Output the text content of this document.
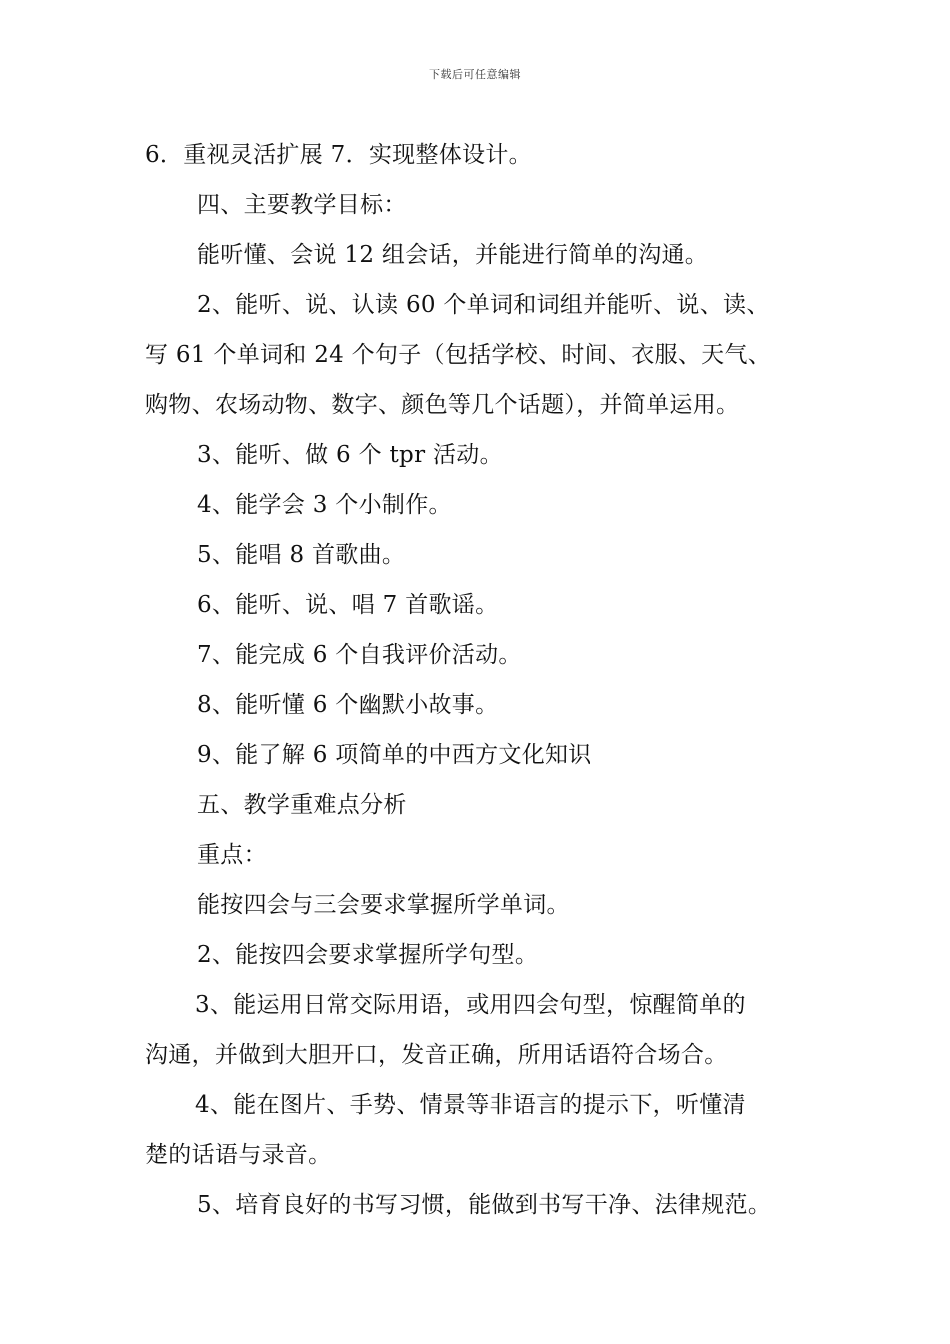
下载后可任意编辑
6．重视灵活扩展 7．实现整体设计。
四、主要教学目标：
能听懂、会说 12 组会话，并能进行简单的沟通。
2、能听、说、认读 60 个单词和词组并能听、说、读、
写 61 个单词和 24 个句子（包括学校、时间、衣服、天气、
购物、农场动物、数字、颜色等几个话题），并简单运用。
3、能听、做 6 个 tpr 活动。
4、能学会 3 个小制作。
5、能唱 8 首歌曲。
6、能听、说、唱 7 首歌谣。
7、能完成 6 个自我评价活动。
8、能听懂 6 个幽默小故事。
9、能了解 6 项简单的中西方文化知识
五、教学重难点分析
重点：
能按四会与三会要求掌握所学单词。
2、能按四会要求掌握所学句型。
3、能运用日常交际用语，或用四会句型，惊醒简单的
沟通，并做到大胆开口，发音正确，所用话语符合场合。
4、能在图片、手势、情景等非语言的提示下，听懂清
楚的话语与录音。
5、培育良好的书写习惯，能做到书写干净、法律规范。
